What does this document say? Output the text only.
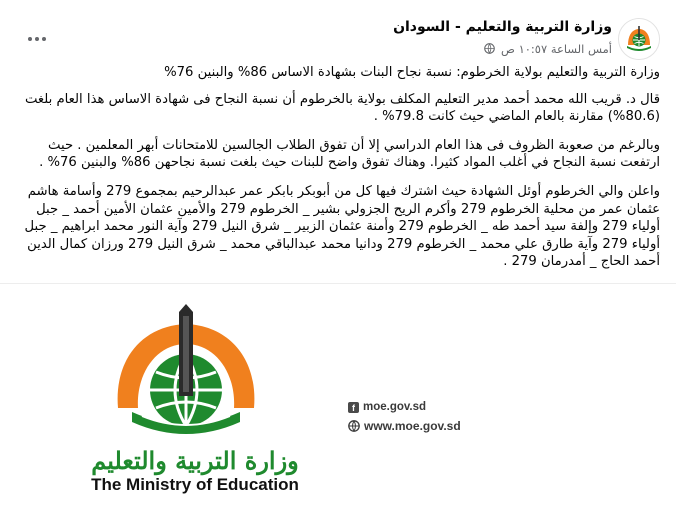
وزارة التربية والتعليم - السودان
أمس الساعة ١٠:٥٧ ص

وزارة التربية والتعليم بولاية الخرطوم: نسبة نجاح البنات بشهادة الاساس 86% والبنين 76%

قال د. قريب الله محمد أحمد مدير التعليم المكلف بولاية بالخرطوم أن نسبة النجاح فى شهادة الاساس هذا العام بلغت (80.6%) مقارنة بالعام الماضي حيث كانت 79.8% .

وبالرغم من صعوبة الظروف فى هذا العام الدراسي إلا أن تفوق الطلاب الجالسين للامتحانات أبهر المعلمين . حيث ارتفعت نسبة النجاح في أغلب المواد كثيرا. وهناك تفوق واضح للبنات حيث بلغت نسبة نجاحهن 86% والبنين 76% .

واعلن والي الخرطوم أوئل الشهادة حيث اشترك فيها كل من أبوبكر بابكر عمر عبدالرحيم بمجموع 279 وأسامة هاشم عثمان عمر من محلية الخرطوم 279 وأكرم الريح الجزولي بشير _ الخرطوم 279 والأمين عثمان الأمين أحمد _ جبل أولياء 279 وإلفة سيد أحمد طه _ الخرطوم 279 وأمنة عثمان الزبير _ شرق النيل 279 وآية النور محمد ابراهيم _ جبل أولياء 279 وآية طارق علي محمد _ الخرطوم 279 ودانيا محمد عبدالباقي محمد _ شرق النيل 279 ورزان كمال الدين أحمد الحاج _ أمدرمان 279 .

وزارة التربية والتعليم
The Ministry of Education
f moe.gov.sd
www.moe.gov.sd
